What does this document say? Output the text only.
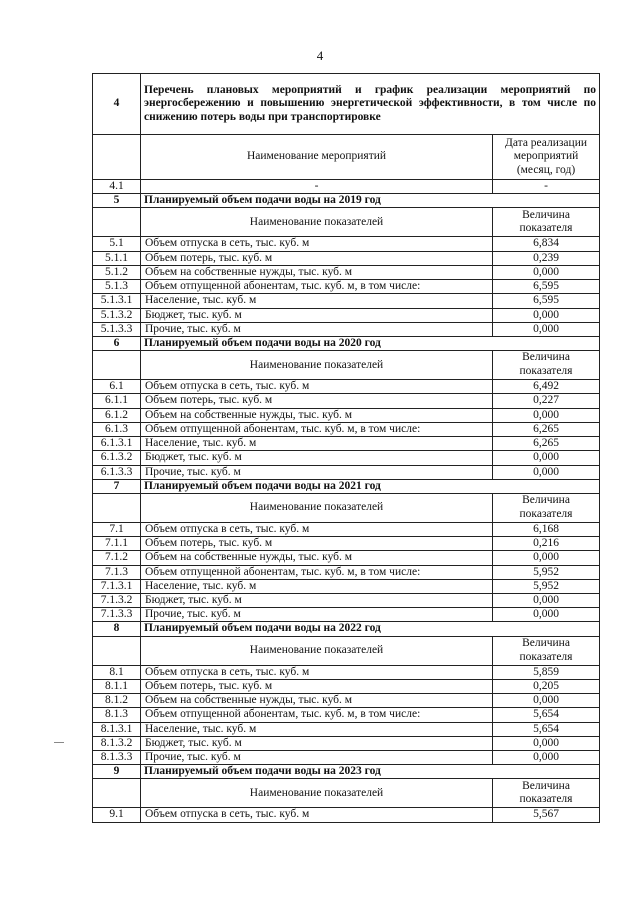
4
4	Перечень плановых мероприятий и график реализации мероприятий по энергосбережению и повышению энергетической эффективности, в том числе по снижению потерь воды при транспортировке	
	Наименование мероприятий	Дата реализации мероприятий (месяц, год)
4.1	-	-
5	Планируемый объем подачи воды на 2019 год	
	Наименование показателей	Величина показателя
5.1	Объем отпуска в сеть, тыс. куб. м	6,834
5.1.1	Объем потерь, тыс. куб. м	0,239
5.1.2	Объем на собственные нужды, тыс. куб. м	0,000
5.1.3	Объем отпущенной абонентам, тыс. куб. м, в том числе:	6,595
5.1.3.1	Население, тыс. куб. м	6,595
5.1.3.2	Бюджет, тыс. куб. м	0,000
5.1.3.3	Прочие, тыс. куб. м	0,000
6	Планируемый объем подачи воды на 2020 год	
	Наименование показателей	Величина показателя
6.1	Объем отпуска в сеть, тыс. куб. м	6,492
6.1.1	Объем потерь, тыс. куб. м	0,227
6.1.2	Объем на собственные нужды, тыс. куб. м	0,000
6.1.3	Объем отпущенной абонентам, тыс. куб. м, в том числе:	6,265
6.1.3.1	Население, тыс. куб. м	6,265
6.1.3.2	Бюджет, тыс. куб. м	0,000
6.1.3.3	Прочие, тыс. куб. м	0,000
7	Планируемый объем подачи воды на 2021 год	
	Наименование показателей	Величина показателя
7.1	Объем отпуска в сеть, тыс. куб. м	6,168
7.1.1	Объем потерь, тыс. куб. м	0,216
7.1.2	Объем на собственные нужды, тыс. куб. м	0,000
7.1.3	Объем отпущенной абонентам, тыс. куб. м, в том числе:	5,952
7.1.3.1	Население, тыс. куб. м	5,952
7.1.3.2	Бюджет, тыс. куб. м	0,000
7.1.3.3	Прочие, тыс. куб. м	0,000
8	Планируемый объем подачи воды на 2022 год	
	Наименование показателей	Величина показателя
8.1	Объем отпуска в сеть, тыс. куб. м	5,859
8.1.1	Объем потерь, тыс. куб. м	0,205
8.1.2	Объем на собственные нужды, тыс. куб. м	0,000
8.1.3	Объем отпущенной абонентам, тыс. куб. м, в том числе:	5,654
8.1.3.1	Население, тыс. куб. м	5,654
8.1.3.2	Бюджет, тыс. куб. м	0,000
8.1.3.3	Прочие, тыс. куб. м	0,000
9	Планируемый объем подачи воды на 2023 год	
	Наименование показателей	Величина показателя
9.1	Объем отпуска в сеть, тыс. куб. м	5,567
